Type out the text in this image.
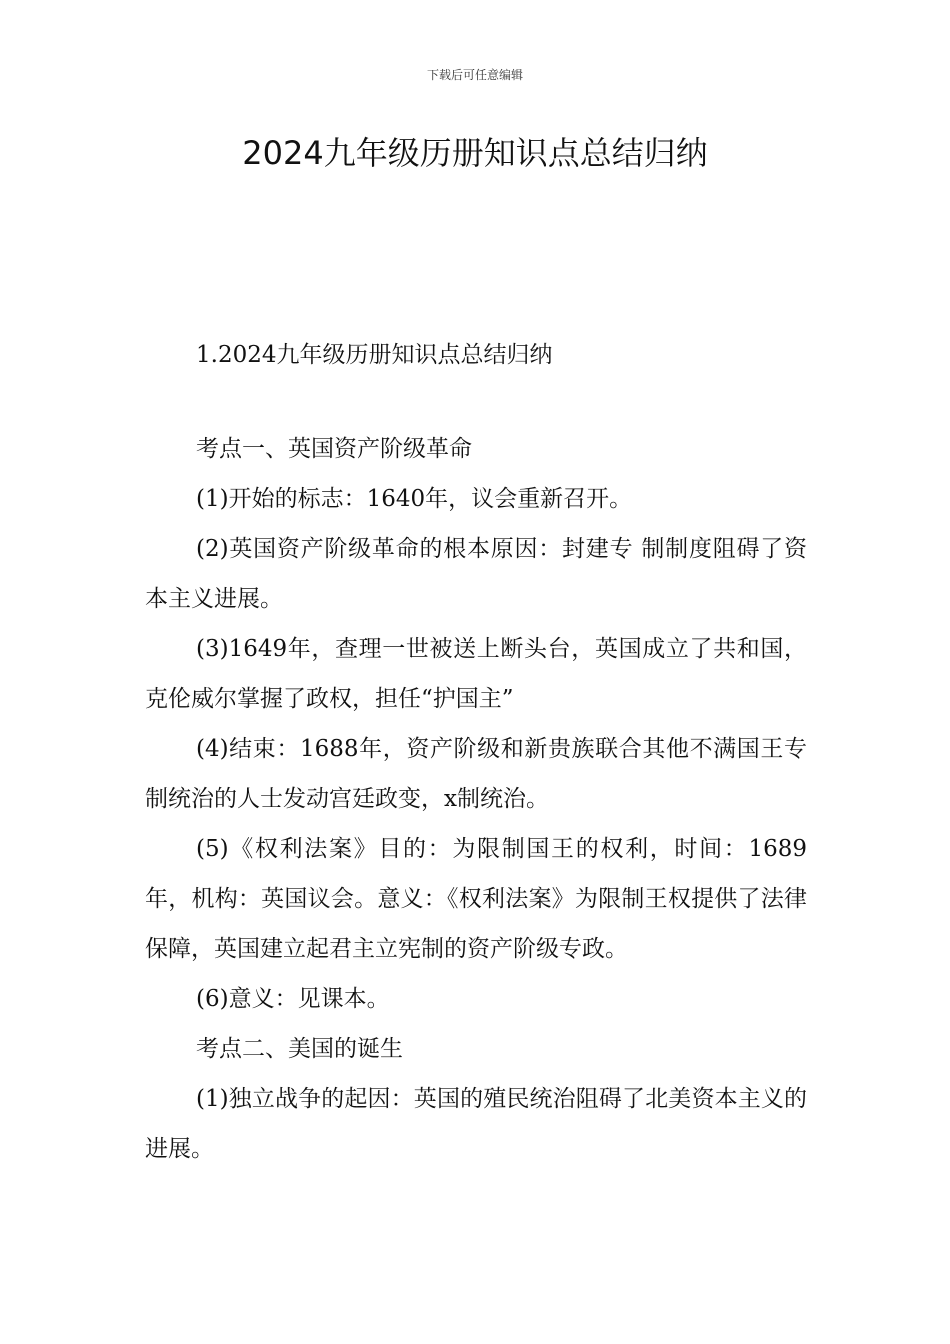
下载后可任意编辑
2024九年级历册知识点总结归纳
1.2024九年级历册知识点总结归纳

考点一、英国资产阶级革命

(1)开始的标志：1640年，议会重新召开。

(2)英国资产阶级革命的根本原因：封建专 制制度阻碍了资本主义进展。

(3)1649年，查理一世被送上断头台，英国成立了共和国，克伦威尔掌握了政权，担任“护国主”

(4)结束：1688年，资产阶级和新贵族联合其他不满国王专 制统治的人士发动宫廷政变，x制统治。

(5)《权利法案》目的：为限制国王的权利，时间：1689年，机构：英国议会。意义：《权利法案》为限制王权提供了法律保障，英国建立起君主立宪制的资产阶级专政。

(6)意义：见课本。

考点二、美国的诞生

(1)独立战争的起因：英国的殖民统治阻碍了北美资本主义的进展。
